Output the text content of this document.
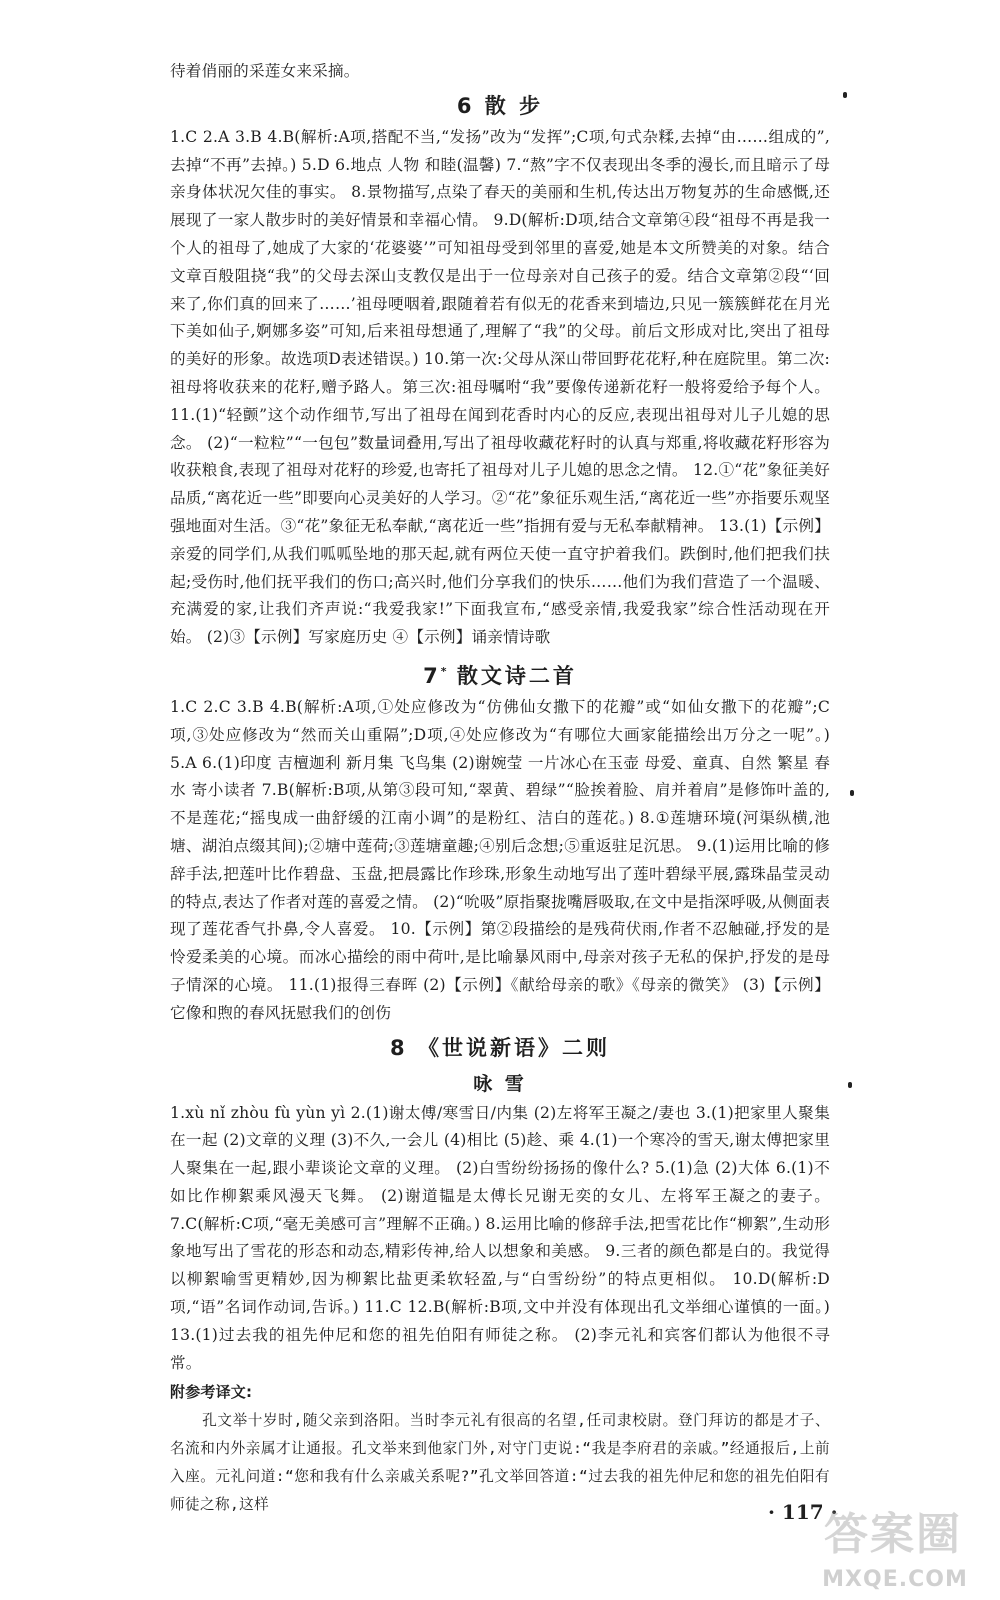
待着俏丽的采莲女来采摘。

6 散 步

1.C 2.A 3.B 4.B(解析:A项,搭配不当,“发扬”改为“发挥”;C项,句式杂糅,去掉“由……组成的”,去掉“不再”去掉。) 5.D 6.地点 人物 和睦(温馨) 7.“熬”字不仅表现出冬季的漫长,而且暗示了母亲身体状况欠佳的事实。 8.景物描写,点染了春天的美丽和生机,传达出万物复苏的生命感慨,还展现了一家人散步时的美好情景和幸福心情。 9.D(解析:D项,结合文章第④段“祖母不再是我一个人的祖母了,她成了大家的‘花婆婆’”可知祖母受到邻里的喜爱,她是本文所赞美的对象。结合文章百般阻挠“我”的父母去深山支教仅是出于一位母亲对自己孩子的爱。结合文章第②段“‘回来了,你们真的回来了……’祖母哽咽着,跟随着若有似无的花香来到墙边,只见一簇簇鲜花在月光下美如仙子,婀娜多姿”可知,后来祖母想通了,理解了“我”的父母。前后文形成对比,突出了祖母的美好的形象。故选项D表述错误。) 10.第一次:父母从深山带回野花花籽,种在庭院里。第二次:祖母将收获来的花籽,赠予路人。第三次:祖母嘱咐“我”要像传递新花籽一般将爱给予每个人。 11.(1)“轻颤”这个动作细节,写出了祖母在闻到花香时内心的反应,表现出祖母对儿子儿媳的思念。 (2)“一粒粒”“一包包”数量词叠用,写出了祖母收藏花籽时的认真与郑重,将收藏花籽形容为收获粮食,表现了祖母对花籽的珍爱,也寄托了祖母对儿子儿媳的思念之情。 12.①“花”象征美好品质,“离花近一些”即要向心灵美好的人学习。②“花”象征乐观生活,“离花近一些”亦指要乐观坚强地面对生活。③“花”象征无私奉献,“离花近一些”指拥有爱与无私奉献精神。 13.(1)【示例】亲爱的同学们,从我们呱呱坠地的那天起,就有两位天使一直守护着我们。跌倒时,他们把我们扶起;受伤时,他们抚平我们的伤口;高兴时,他们分享我们的快乐……他们为我们营造了一个温暖、充满爱的家,让我们齐声说:“我爱我家!”下面我宣布,“感受亲情,我爱我家”综合性活动现在开始。 (2)③【示例】写家庭历史 ④【示例】诵亲情诗歌

7* 散文诗二首

1.C 2.C 3.B 4.B(解析:A项,①处应修改为“仿佛仙女撒下的花瓣”或“如仙女撒下的花瓣”;C项,③处应修改为“然而关山重隔”;D项,④处应修改为“有哪位大画家能描绘出万分之一呢”。) 5.A 6.(1)印度 吉檀迦利 新月集 飞鸟集 (2)谢婉莹 一片冰心在玉壶 母爱、童真、自然 繁星 春水 寄小读者 7.B(解析:B项,从第③段可知,“翠黄、碧绿”“脸挨着脸、肩并着肩”是修饰叶盖的,不是莲花;“摇曳成一曲舒缓的江南小调”的是粉红、洁白的莲花。) 8.①莲塘环境(河渠纵横,池塘、湖泊点缀其间);②塘中莲荷;③莲塘童趣;④别后念想;⑤重返驻足沉思。 9.(1)运用比喻的修辞手法,把莲叶比作碧盘、玉盘,把晨露比作珍珠,形象生动地写出了莲叶碧绿平展,露珠晶莹灵动的特点,表达了作者对莲的喜爱之情。 (2)“吮吸”原指聚拢嘴唇吸取,在文中是指深呼吸,从侧面表现了莲花香气扑鼻,令人喜爱。 10.【示例】第②段描绘的是残荷伏雨,作者不忍触碰,抒发的是怜爱柔美的心境。而冰心描绘的雨中荷叶,是比喻暴风雨中,母亲对孩子无私的保护,抒发的是母子情深的心境。 11.(1)报得三春晖 (2)【示例】《献给母亲的歌》《母亲的微笑》 (3)【示例】它像和煦的春风抚慰我们的创伤

8 《世说新语》二则
咏 雪

1.xù nǐ zhòu fù yùn yì 2.(1)谢太傅/寒雪日/内集 (2)左将军王凝之/妻也 3.(1)把家里人聚集在一起 (2)文章的义理 (3)不久,一会儿 (4)相比 (5)趁、乘 4.(1)一个寒冷的雪天,谢太傅把家里人聚集在一起,跟小辈谈论文章的义理。 (2)白雪纷纷扬扬的像什么? 5.(1)急 (2)大体 6.(1)不如比作柳絮乘风漫天飞舞。 (2)谢道韫是太傅长兄谢无奕的女儿、左将军王凝之的妻子。 7.C(解析:C项,“毫无美感可言”理解不正确。) 8.运用比喻的修辞手法,把雪花比作“柳絮”,生动形象地写出了雪花的形态和动态,精彩传神,给人以想象和美感。 9.三者的颜色都是白的。我觉得以柳絮喻雪更精妙,因为柳絮比盐更柔软轻盈,与“白雪纷纷”的特点更相似。 10.D(解析:D项,“语”名词作动词,告诉。) 11.C 12.B(解析:B项,文中并没有体现出孔文举细心谨慎的一面。) 13.(1)过去我的祖先仲尼和您的祖先伯阳有师徒之称。 (2)李元礼和宾客们都认为他很不寻常。

附参考译文:

孔文举十岁时,随父亲到洛阳。当时李元礼有很高的名望,任司隶校尉。登门拜访的都是才子、名流和内外亲属才让通报。孔文举来到他家门外,对守门吏说:“我是李府君的亲戚。”经通报后,上前入座。元礼问道:“您和我有什么亲戚关系呢?”孔文举回答道:“过去我的祖先仲尼和您的祖先伯阳有师徒之称,这样	· 117 ·
答案圈
MXQE.COM
